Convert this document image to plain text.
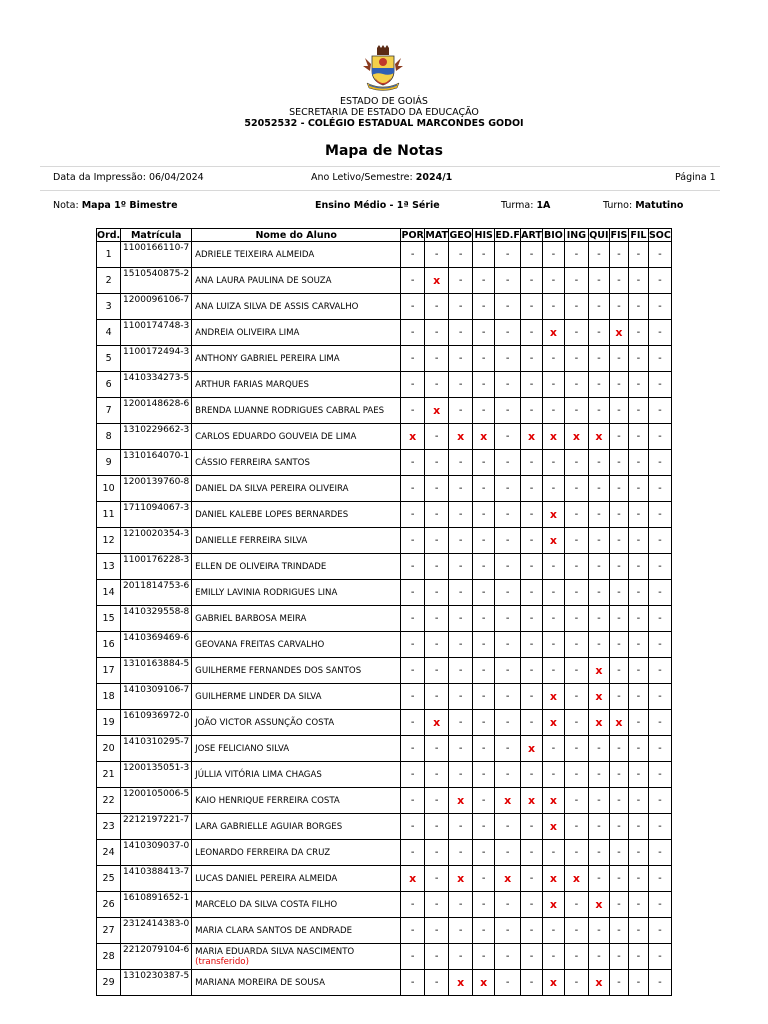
ESTADO DE GOIÁS
SECRETARIA DE ESTADO DA EDUCAÇÃO
52052532 - COLÉGIO ESTADUAL MARCONDES GODOI
Mapa de Notas
Data da Impressão: 06/04/2024	Ano Letivo/Semestre: 2024/1	Página 1
Nota: Mapa 1º Bimestre	Ensino Médio - 1ª Série	Turma: 1A	Turno: Matutino
Ord.	Matrícula	Nome do Aluno	POR	MAT	GEO	HIS	ED.F	ART	BIO	ING	QUI	FIS	FIL	SOC
1	1100166110-7	ADRIELE TEIXEIRA ALMEIDA	-	-	-	-	-	-	-	-	-	-	-	-
2	1510540875-2	ANA LAURA PAULINA DE SOUZA	-	x	-	-	-	-	-	-	-	-	-	-
3	1200096106-7	ANA LUIZA SILVA DE ASSIS CARVALHO	-	-	-	-	-	-	-	-	-	-	-	-
4	1100174748-3	ANDREIA OLIVEIRA LIMA	-	-	-	-	-	-	x	-	-	x	-	-
5	1100172494-3	ANTHONY GABRIEL PEREIRA LIMA	-	-	-	-	-	-	-	-	-	-	-	-
6	1410334273-5	ARTHUR FARIAS MARQUES	-	-	-	-	-	-	-	-	-	-	-	-
7	1200148628-6	BRENDA LUANNE RODRIGUES CABRAL PAES	-	x	-	-	-	-	-	-	-	-	-	-
8	1310229662-3	CARLOS EDUARDO GOUVEIA DE LIMA	x	-	x	x	-	x	x	x	x	-	-	-
9	1310164070-1	CÁSSIO FERREIRA SANTOS	-	-	-	-	-	-	-	-	-	-	-	-
10	1200139760-8	DANIEL DA SILVA PEREIRA OLIVEIRA	-	-	-	-	-	-	-	-	-	-	-	-
11	1711094067-3	DANIEL KALEBE LOPES BERNARDES	-	-	-	-	-	-	x	-	-	-	-	-
12	1210020354-3	DANIELLE FERREIRA SILVA	-	-	-	-	-	-	x	-	-	-	-	-
13	1100176228-3	ELLEN DE OLIVEIRA TRINDADE	-	-	-	-	-	-	-	-	-	-	-	-
14	2011814753-6	EMILLY LAVINIA RODRIGUES LINA	-	-	-	-	-	-	-	-	-	-	-	-
15	1410329558-8	GABRIEL BARBOSA MEIRA	-	-	-	-	-	-	-	-	-	-	-	-
16	1410369469-6	GEOVANA FREITAS CARVALHO	-	-	-	-	-	-	-	-	-	-	-	-
17	1310163884-5	GUILHERME FERNANDES DOS SANTOS	-	-	-	-	-	-	-	-	x	-	-	-
18	1410309106-7	GUILHERME LINDER DA SILVA	-	-	-	-	-	-	x	-	x	-	-	-
19	1610936972-0	JOÃO VICTOR ASSUNÇÃO COSTA	-	x	-	-	-	-	x	-	x	x	-	-
20	1410310295-7	JOSE FELICIANO SILVA	-	-	-	-	-	x	-	-	-	-	-	-
21	1200135051-3	JÚLLIA VITÓRIA LIMA CHAGAS	-	-	-	-	-	-	-	-	-	-	-	-
22	1200105006-5	KAIO HENRIQUE FERREIRA COSTA	-	-	x	-	x	x	x	-	-	-	-	-
23	2212197221-7	LARA GABRIELLE AGUIAR BORGES	-	-	-	-	-	-	x	-	-	-	-	-
24	1410309037-0	LEONARDO FERREIRA DA CRUZ	-	-	-	-	-	-	-	-	-	-	-	-
25	1410388413-7	LUCAS DANIEL PEREIRA ALMEIDA	x	-	x	-	x	-	x	x	-	-	-	-
26	1610891652-1	MARCELO DA SILVA COSTA FILHO	-	-	-	-	-	-	x	-	x	-	-	-
27	2312414383-0	MARIA CLARA SANTOS DE ANDRADE	-	-	-	-	-	-	-	-	-	-	-	-
28	2212079104-6	MARIA EDUARDA SILVA NASCIMENTO (transferido)	-	-	-	-	-	-	-	-	-	-	-	-
29	1310230387-5	MARIANA MOREIRA DE SOUSA	-	-	x	x	-	-	x	-	x	-	-	-
